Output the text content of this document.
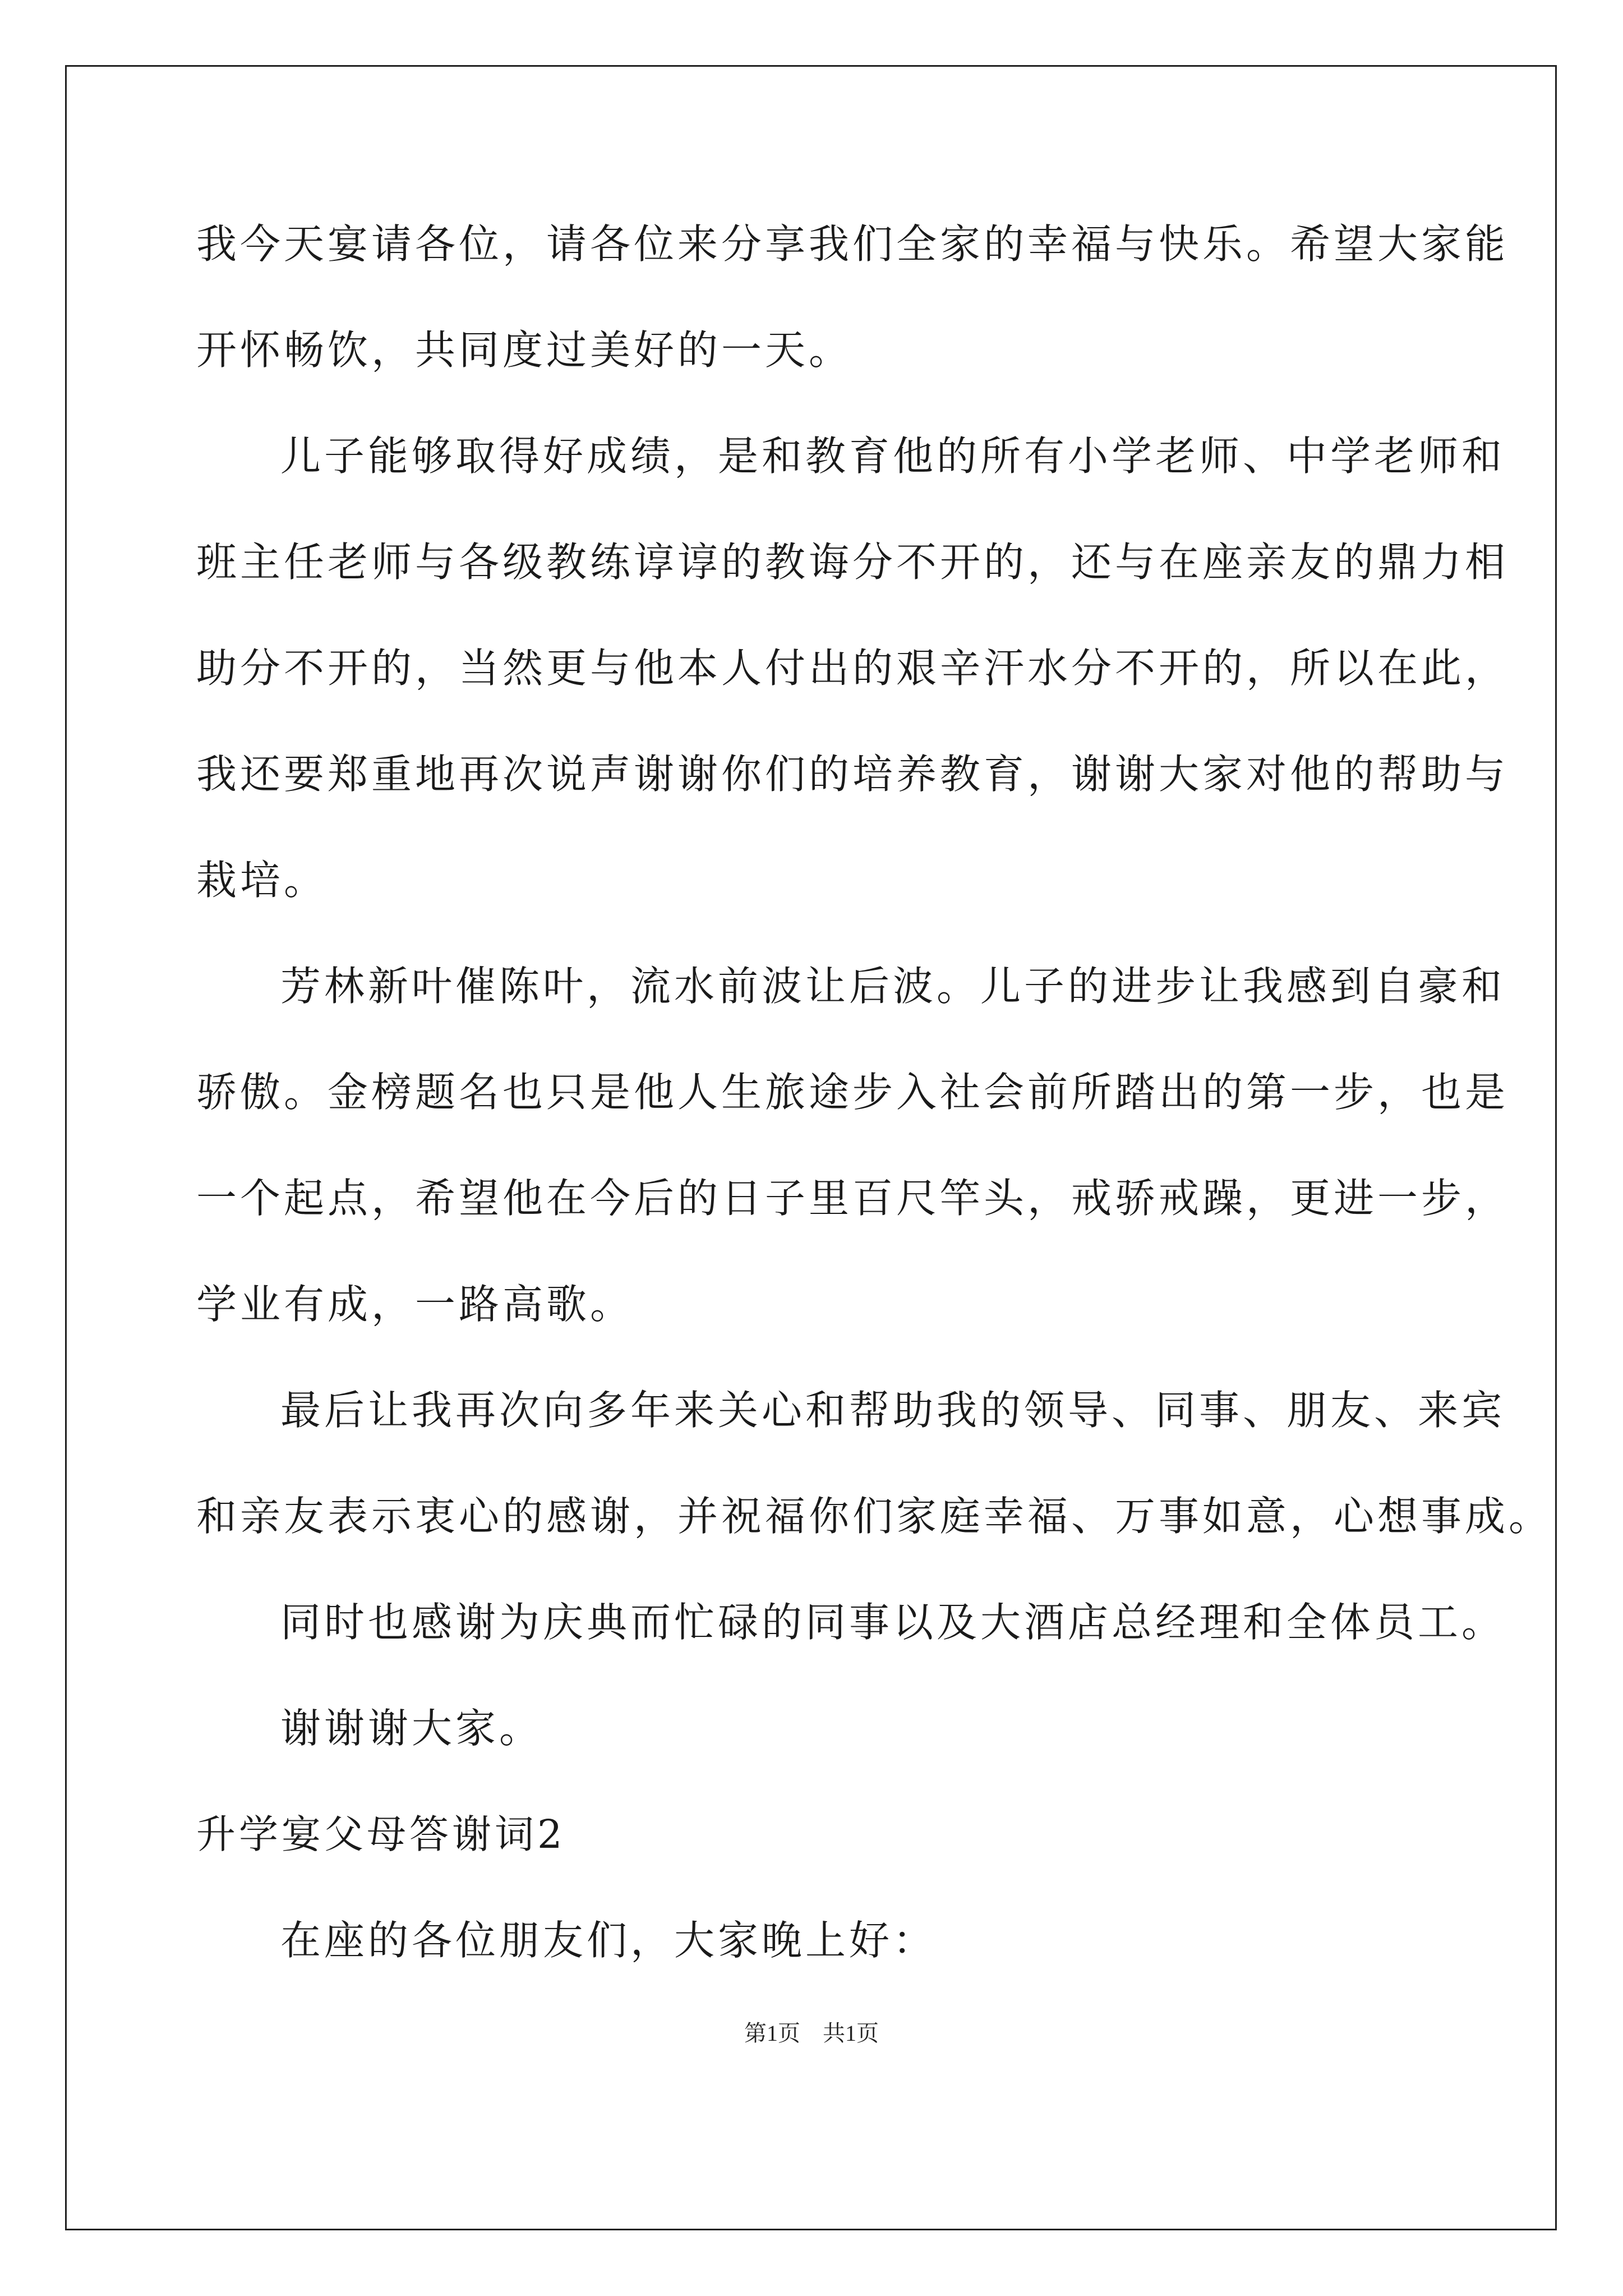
我今天宴请各位，请各位来分享我们全家的幸福与快乐。希望大家能
开怀畅饮，共同度过美好的一天。
儿子能够取得好成绩，是和教育他的所有小学老师、中学老师和
班主任老师与各级教练谆谆的教诲分不开的，还与在座亲友的鼎力相
助分不开的，当然更与他本人付出的艰辛汗水分不开的，所以在此，
我还要郑重地再次说声谢谢你们的培养教育，谢谢大家对他的帮助与
栽培。
芳林新叶催陈叶，流水前波让后波。儿子的进步让我感到自豪和
骄傲。金榜题名也只是他人生旅途步入社会前所踏出的第一步，也是
一个起点，希望他在今后的日子里百尺竿头，戒骄戒躁，更进一步，
学业有成，一路高歌。
最后让我再次向多年来关心和帮助我的领导、同事、朋友、来宾
和亲友表示衷心的感谢，并祝福你们家庭幸福、万事如意，心想事成。
同时也感谢为庆典而忙碌的同事以及大酒店总经理和全体员工。
谢谢谢大家。
升学宴父母答谢词2
在座的各位朋友们，大家晚上好：
第1页　共1页
